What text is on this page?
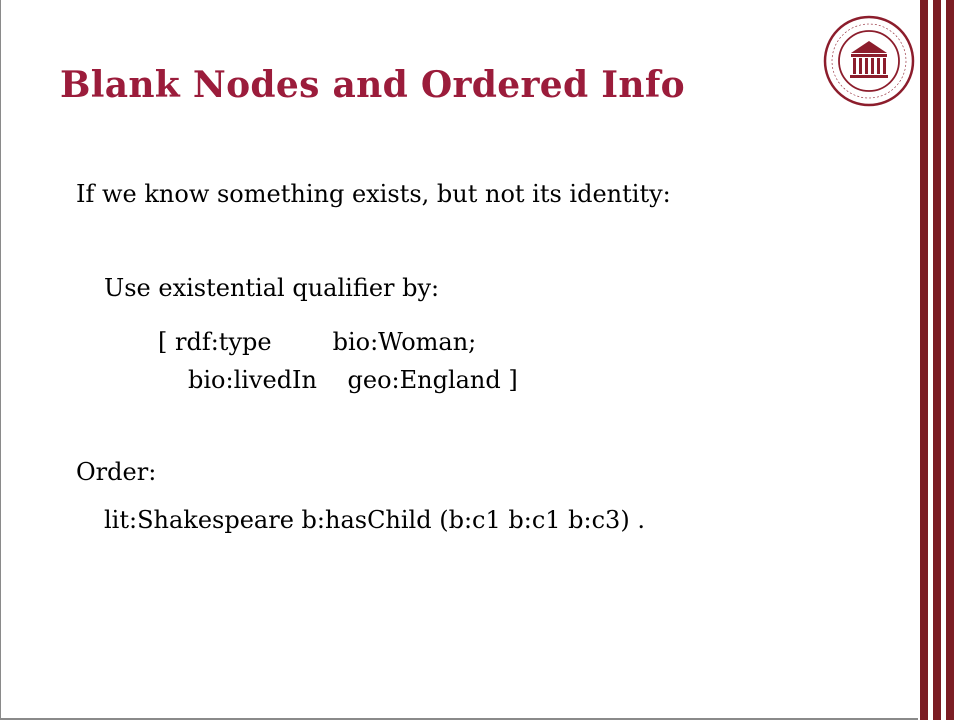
Blank Nodes and Ordered Info
If we know something exists, but not its identity:
Use existential qualifier by:
[ rdf:type        bio:Woman;
bio:livedIn    geo:England ]
Order:
lit:Shakespeare b:hasChild (b:c1 b:c1 b:c3) .
